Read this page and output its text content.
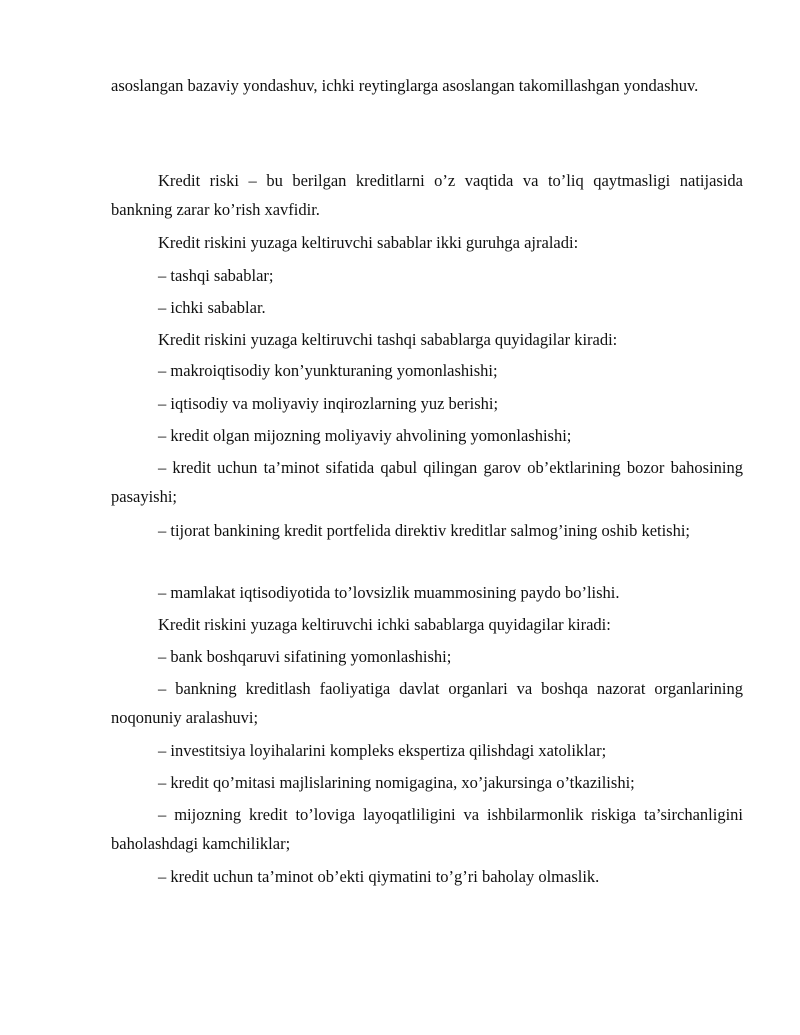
asoslangan bazaviy yondashuv, ichki reytinglarga asoslangan takomillashgan yondashuv.

Kredit riski – bu berilgan kreditlarni o’z vaqtida va to’liq qaytmasligi natijasida bankning zarar ko’rish xavfidir.

Kredit riskini yuzaga keltiruvchi sabablar ikki guruhga ajraladi:

– tashqi sabablar;

– ichki sabablar.

Kredit riskini yuzaga keltiruvchi tashqi sabablarga quyidagilar kiradi:

– makroiqtisodiy kon’yunkturaning yomonlashishi;

– iqtisodiy va moliyaviy inqirozlarning yuz berishi;

– kredit olgan mijozning moliyaviy ahvolining yomonlashishi;

– kredit uchun ta’minot sifatida qabul qilingan garov ob’ektlarining bozor bahosining pasayishi;

– tijorat bankining kredit portfelida direktiv kreditlar salmog’ining oshib ketishi;

– mamlakat iqtisodiyotida to’lovsizlik muammosining paydo bo’lishi.

Kredit riskini yuzaga keltiruvchi ichki sabablarga quyidagilar kiradi:

– bank boshqaruvi sifatining yomonlashishi;

– bankning kreditlash faoliyatiga davlat organlari va boshqa nazorat organlarining noqonuniy aralashuvi;

– investitsiya loyihalarini kompleks ekspertiza qilishdagi xatoliklar;

– kredit qo’mitasi majlislarining nomigagina, xo’jakursinga o’tkazilishi;

– mijozning kredit to’loviga layoqatliligini va ishbilarmonlik riskiga ta’sirchanligini baholashdagi kamchiliklar;

– kredit uchun ta’minot ob’ekti qiymatini to’g’ri baholay olmaslik.
